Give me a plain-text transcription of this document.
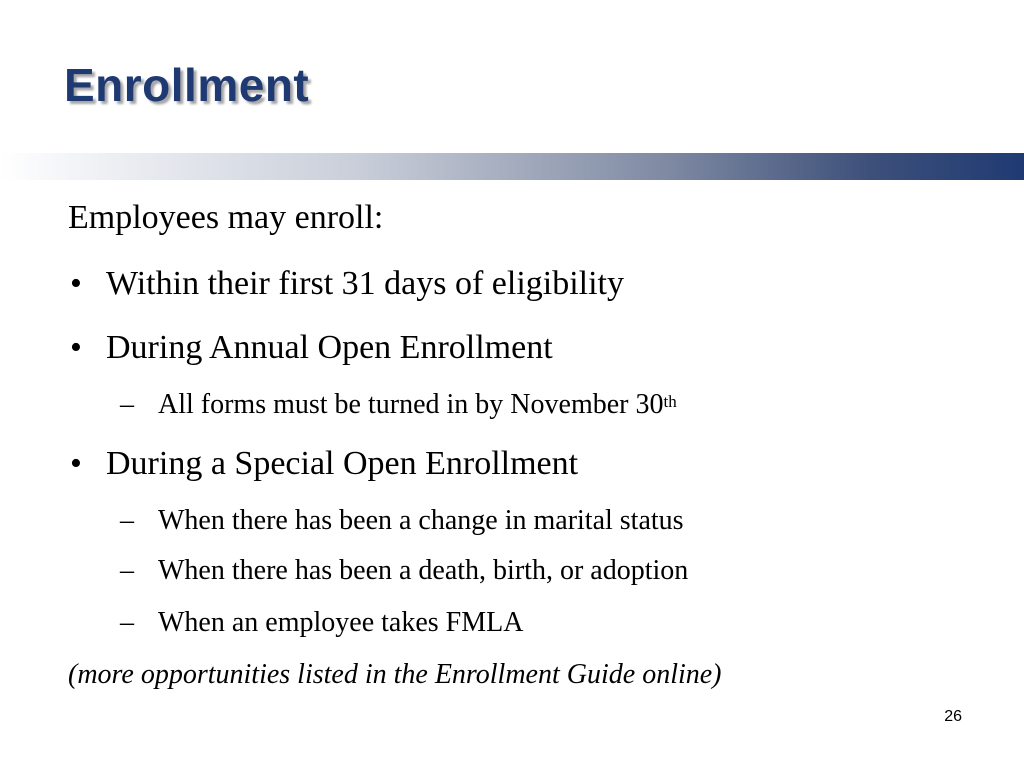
Enrollment
Employees may enroll:
• Within their first 31 days of eligibility
• During Annual Open Enrollment
– All forms must be turned in by November 30th
• During a Special Open Enrollment
– When there has been a change in marital status
– When there has been a death, birth, or adoption
– When an employee takes FMLA
(more opportunities listed in the Enrollment Guide online)
26
